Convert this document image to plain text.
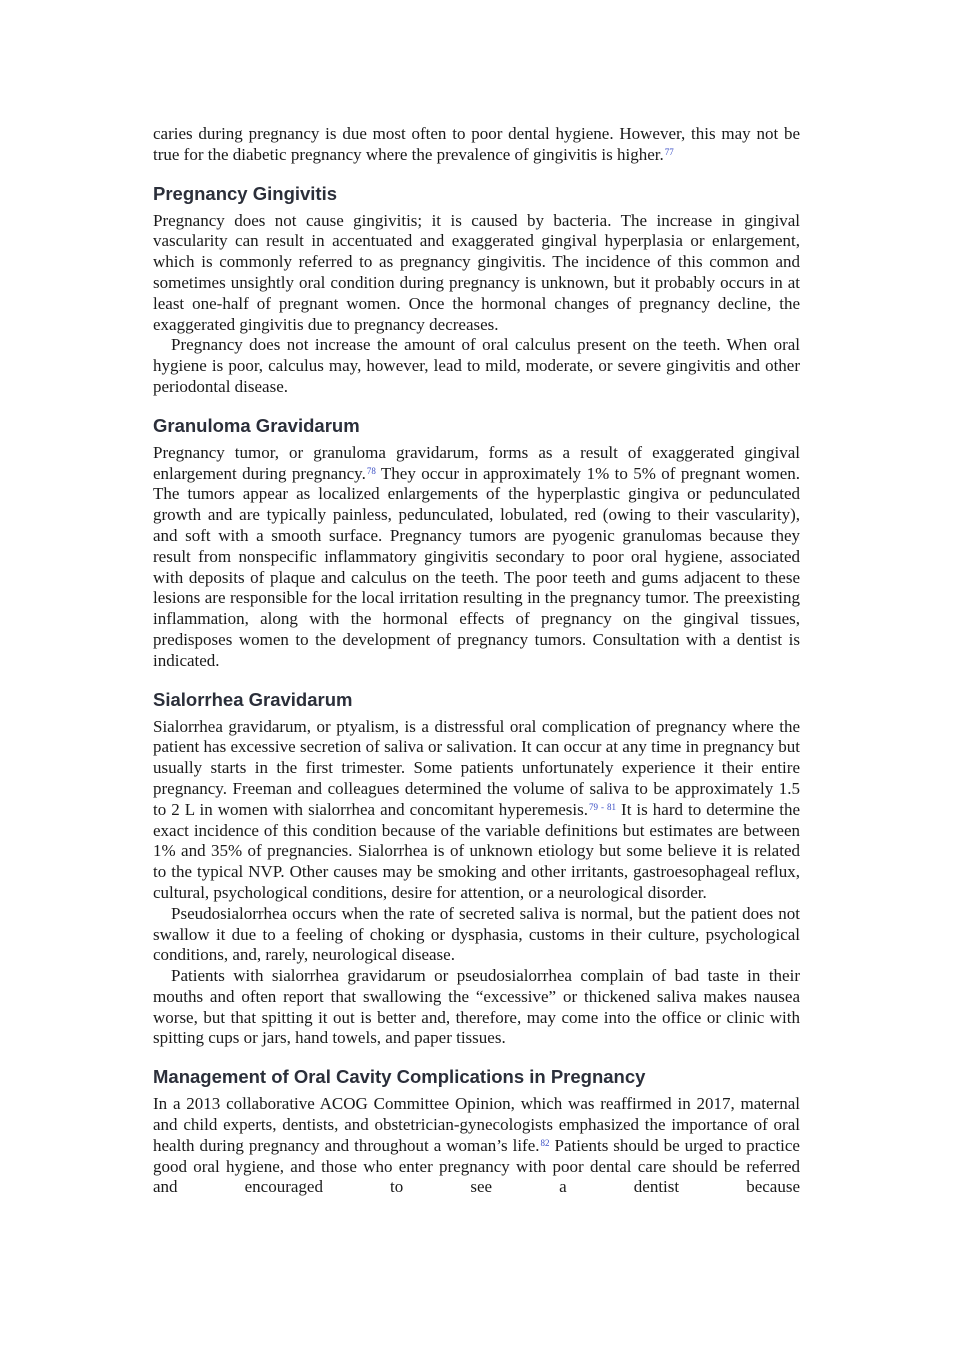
caries during pregnancy is due most often to poor dental hygiene. However, this may not be true for the diabetic pregnancy where the prevalence of gingivitis is higher.$^{77}$

Pregnancy Gingivitis

Pregnancy does not cause gingivitis; it is caused by bacteria. The increase in gingival vascularity can result in accentuated and exaggerated gingival hyperplasia or enlargement, which is commonly referred to as pregnancy gingivitis. The incidence of this common and sometimes unsightly oral condition during pregnancy is unknown, but it probably occurs in at least one-half of pregnant women. Once the hormonal changes of pregnancy decline, the exaggerated gingivitis due to pregnancy decreases.

Pregnancy does not increase the amount of oral calculus present on the teeth. When oral hygiene is poor, calculus may, however, lead to mild, moderate, or severe gingivitis and other periodontal disease.

Granuloma Gravidarum

Pregnancy tumor, or granuloma gravidarum, forms as a result of exaggerated gingival enlargement during pregnancy.$^{78}$ They occur in approximately 1% to 5% of pregnant women. The tumors appear as localized enlargements of the hyperplastic gingiva or pedunculated growth and are typically painless, pedunculated, lobulated, red (owing to their vascularity), and soft with a smooth surface. Pregnancy tumors are pyogenic granulomas because they result from nonspecific inflammatory gingivitis secondary to poor oral hygiene, associated with deposits of plaque and calculus on the teeth. The poor teeth and gums adjacent to these lesions are responsible for the local irritation resulting in the pregnancy tumor. The preexisting inflammation, along with the hormonal effects of pregnancy on the gingival tissues, predisposes women to the development of pregnancy tumors. Consultation with a dentist is indicated.

Sialorrhea Gravidarum

Sialorrhea gravidarum, or ptyalism, is a distressful oral complication of pregnancy where the patient has excessive secretion of saliva or salivation. It can occur at any time in pregnancy but usually starts in the first trimester. Some patients unfortunately experience it their entire pregnancy. Freeman and colleagues determined the volume of saliva to be approximately 1.5 to 2 L in women with sialorrhea and concomitant hyperemesis.$^{79 - 81}$ It is hard to determine the exact incidence of this condition because of the variable definitions but estimates are between 1% and 35% of pregnancies. Sialorrhea is of unknown etiology but some believe it is related to the typical NVP. Other causes may be smoking and other irritants, gastroesophageal reflux, cultural, psychological conditions, desire for attention, or a neurological disorder.

Pseudosialorrhea occurs when the rate of secreted saliva is normal, but the patient does not swallow it due to a feeling of choking or dysphasia, customs in their culture, psychological conditions, and, rarely, neurological disease.

Patients with sialorrhea gravidarum or pseudosialorrhea complain of bad taste in their mouths and often report that swallowing the “excessive” or thickened saliva makes nausea worse, but that spitting it out is better and, therefore, may come into the office or clinic with spitting cups or jars, hand towels, and paper tissues.

Management of Oral Cavity Complications in Pregnancy

In a 2013 collaborative ACOG Committee Opinion, which was reaffirmed in 2017, maternal and child experts, dentists, and obstetrician-gynecologists emphasized the importance of oral health during pregnancy and throughout a woman’s life.$^{82}$ Patients should be urged to practice good oral hygiene, and those who enter pregnancy with poor dental care should be referred and encouraged to see a dentist because
